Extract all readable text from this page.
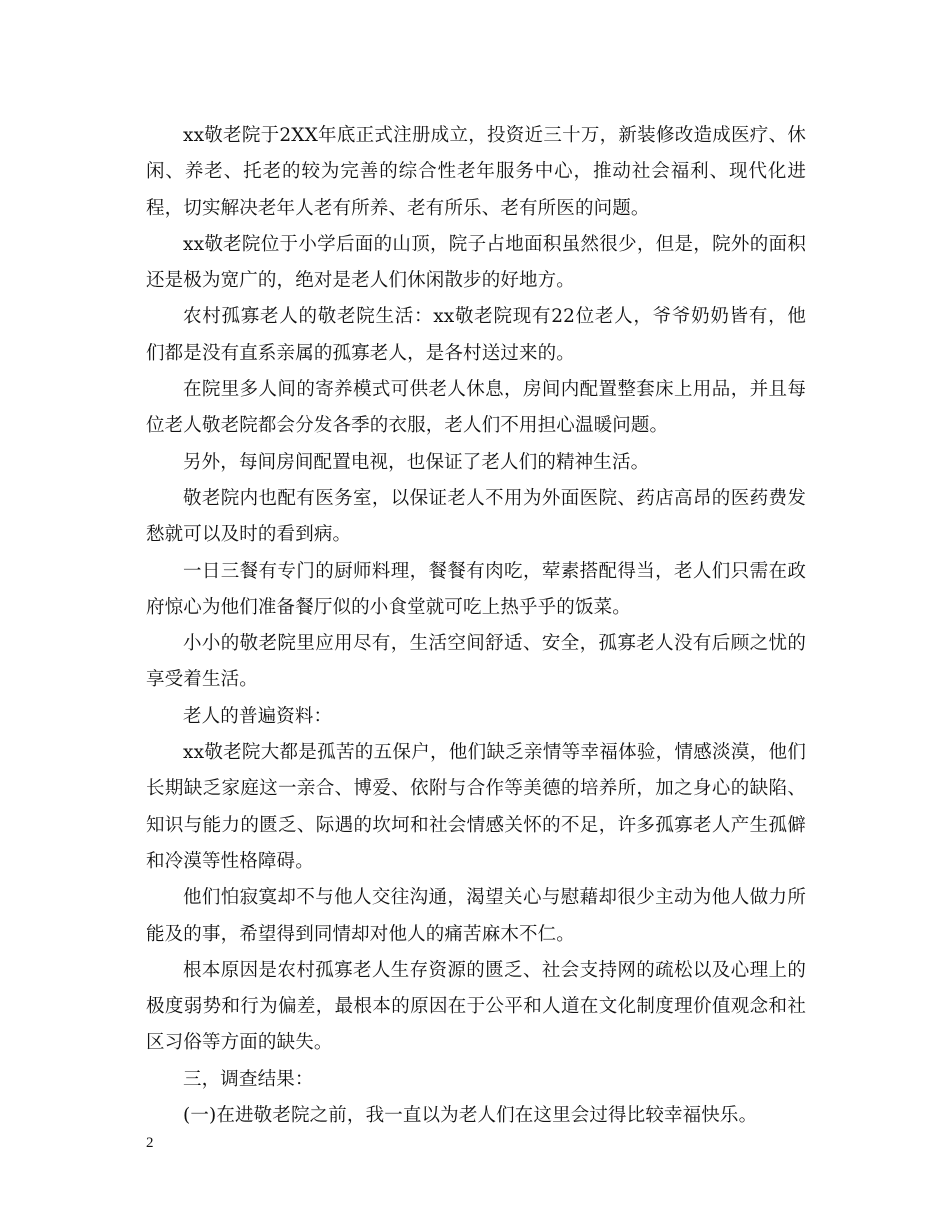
xx敬老院于2XX年底正式注册成立，投资近三十万，新装修改造成医疗、休闲、养老、托老的较为完善的综合性老年服务中心，推动社会福利、现代化进程，切实解决老年人老有所养、老有所乐、老有所医的问题。

xx敬老院位于小学后面的山顶，院子占地面积虽然很少，但是，院外的面积还是极为宽广的，绝对是老人们休闲散步的好地方。

农村孤寡老人的敬老院生活：xx敬老院现有22位老人，爷爷奶奶皆有，他们都是没有直系亲属的孤寡老人，是各村送过来的。

在院里多人间的寄养模式可供老人休息，房间内配置整套床上用品，并且每位老人敬老院都会分发各季的衣服，老人们不用担心温暖问题。

另外，每间房间配置电视，也保证了老人们的精神生活。

敬老院内也配有医务室，以保证老人不用为外面医院、药店高昂的医药费发愁就可以及时的看到病。

一日三餐有专门的厨师料理，餐餐有肉吃，荤素搭配得当，老人们只需在政府惊心为他们准备餐厅似的小食堂就可吃上热乎乎的饭菜。

小小的敬老院里应用尽有，生活空间舒适、安全，孤寡老人没有后顾之忧的享受着生活。

老人的普遍资料：

xx敬老院大都是孤苦的五保户，他们缺乏亲情等幸福体验，情感淡漠，他们长期缺乏家庭这一亲合、博爱、依附与合作等美德的培养所，加之身心的缺陷、知识与能力的匮乏、际遇的坎坷和社会情感关怀的不足，许多孤寡老人产生孤僻和冷漠等性格障碍。

他们怕寂寞却不与他人交往沟通，渴望关心与慰藉却很少主动为他人做力所能及的事，希望得到同情却对他人的痛苦麻木不仁。

根本原因是农村孤寡老人生存资源的匮乏、社会支持网的疏松以及心理上的极度弱势和行为偏差，最根本的原因在于公平和人道在文化制度理价值观念和社区习俗等方面的缺失。

三，调查结果：

(一)在进敬老院之前，我一直以为老人们在这里会过得比较幸福快乐。

2
